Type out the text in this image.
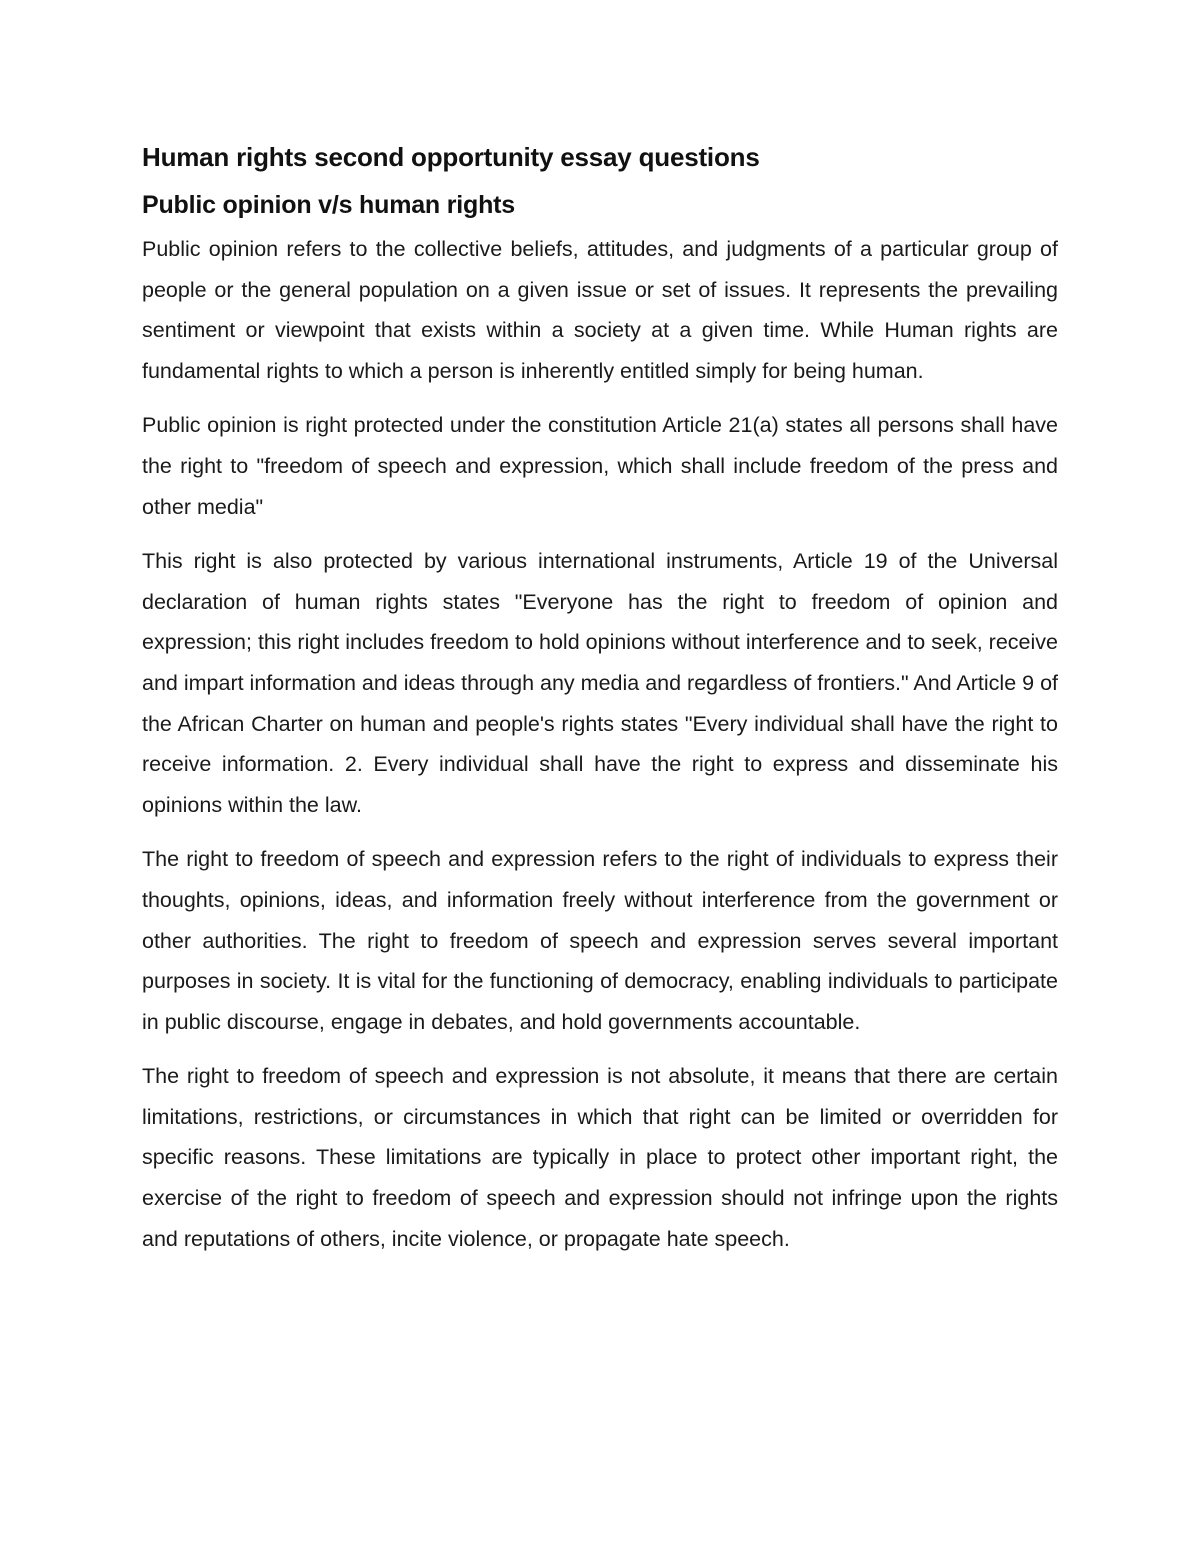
Human rights second opportunity essay questions
Public opinion v/s human rights

Public opinion refers to the collective beliefs, attitudes, and judgments of a particular group of people or the general population on a given issue or set of issues. It represents the prevailing sentiment or viewpoint that exists within a society at a given time. While Human rights are fundamental rights to which a person is inherently entitled simply for being human.

Public opinion is right protected under the constitution Article 21(a) states all persons shall have the right to "freedom of speech and expression, which shall include freedom of the press and other media"

This right is also protected by various international instruments, Article 19 of the Universal declaration of human rights states "Everyone has the right to freedom of opinion and expression; this right includes freedom to hold opinions without interference and to seek, receive and impart information and ideas through any media and regardless of frontiers." And Article 9 of the African Charter on human and people's rights states "Every individual shall have the right to receive information. 2. Every individual shall have the right to express and disseminate his opinions within the law.

The right to freedom of speech and expression refers to the right of individuals to express their thoughts, opinions, ideas, and information freely without interference from the government or other authorities. The right to freedom of speech and expression serves several important purposes in society. It is vital for the functioning of democracy, enabling individuals to participate in public discourse, engage in debates, and hold governments accountable.

The right to freedom of speech and expression is not absolute, it means that there are certain limitations, restrictions, or circumstances in which that right can be limited or overridden for specific reasons. These limitations are typically in place to protect other important right, the exercise of the right to freedom of speech and expression should not infringe upon the rights and reputations of others, incite violence, or propagate hate speech.
